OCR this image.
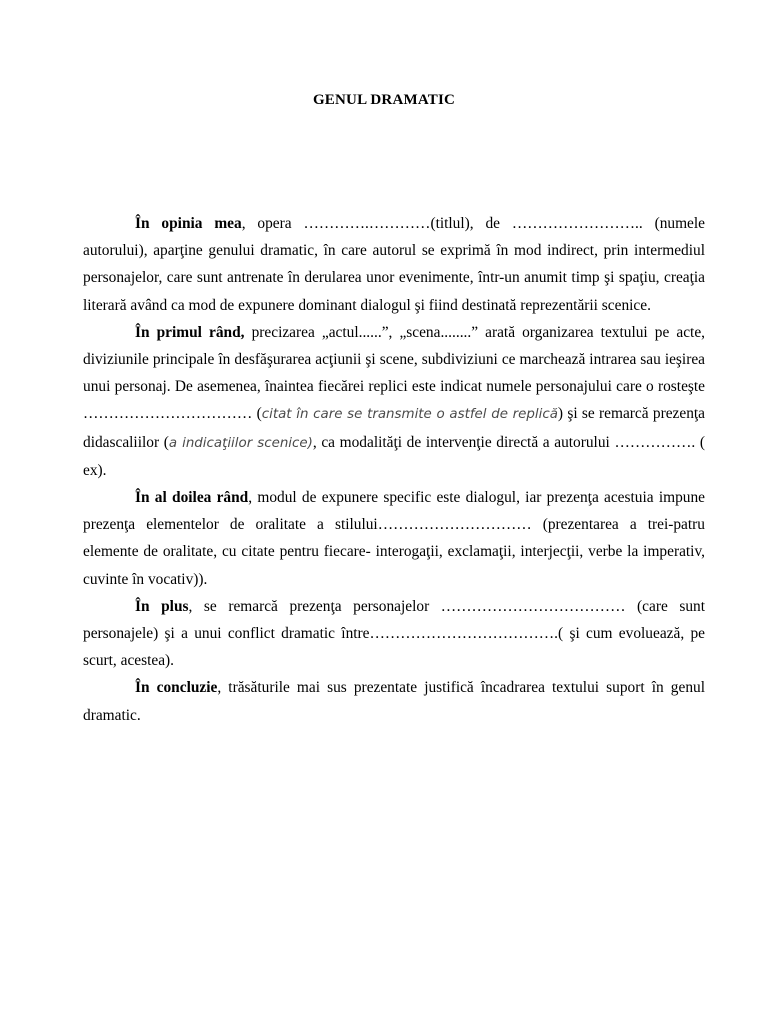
GENUL DRAMATIC

În opinia mea, opera ………….…………(titlul), de …………………….. (numele autorului), aparţine genului dramatic, în care autorul se exprimă în mod indirect, prin intermediul personajelor, care sunt antrenate în derularea unor evenimente, într-un anumit timp şi spaţiu, creaţia literară având ca mod de expunere dominant dialogul şi fiind destinată reprezentării scenice.

În primul rând, precizarea „actul......”, „scena........” arată organizarea textului pe acte, diviziunile principale în desfăşurarea acţiunii şi scene, subdiviziuni ce marchează intrarea sau ieşirea unui personaj. De asemenea, înaintea fiecărei replici este indicat numele personajului care o rosteşte …………………………… (citat în care se transmite o astfel de replică) şi se remarcă prezenţa didascaliilor (a indicaţiilor scenice), ca modalităţi de intervenţie directă a autorului ……………. ( ex).

În al doilea rând, modul de expunere specific este dialogul, iar prezenţa acestuia impune prezenţa elementelor de oralitate a stilului………………………… (prezentarea a trei-patru elemente de oralitate, cu citate pentru fiecare- interogaţii, exclamaţii, interjecţii, verbe la imperativ, cuvinte în vocativ)).

În plus, se remarcă prezenţa personajelor ……………………………… (care sunt personajele) şi a unui conflict dramatic între……………………………….( şi cum evoluează, pe scurt, acestea).

În concluzie, trăsăturile mai sus prezentate justifică încadrarea textului suport în genul dramatic.
